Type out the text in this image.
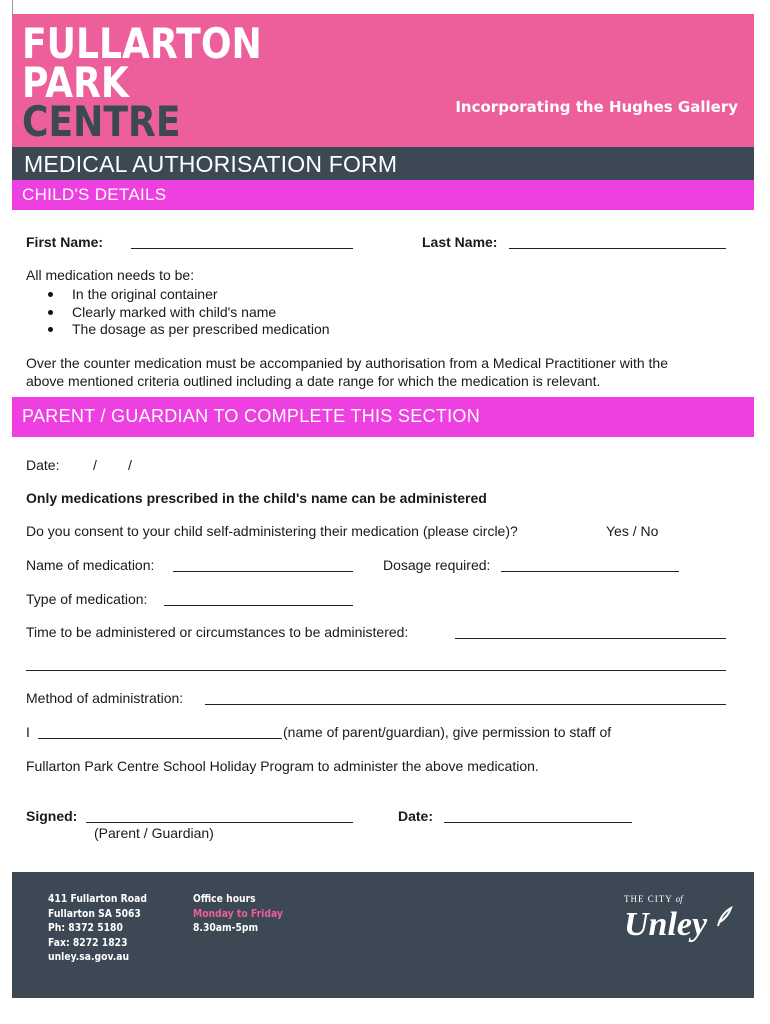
FULLARTON
PARK
CENTRE	Incorporating the Hughes Gallery
MEDICAL AUTHORISATION FORM
CHILD'S DETAILS
First Name:	Last Name:
All medication needs to be:
In the original container
Clearly marked with child's name
The dosage as per prescribed medication
Over the counter medication must be accompanied by authorisation from a Medical Practitioner with the
above mentioned criteria outlined including a date range for which the medication is relevant.
PARENT / GUARDIAN TO COMPLETE THIS SECTION
Date: / /
Only medications prescribed in the child's name can be administered
Do you consent to your child self-administering their medication (please circle)?	Yes / No
Name of medication:	Dosage required:
Type of medication:
Time to be administered or circumstances to be administered:
Method of administration:
I	(name of parent/guardian), give permission to staff of
Fullarton Park Centre School Holiday Program to administer the above medication.
Signed:
(Parent / Guardian)
Date:
411 Fullarton Road
Fullarton SA 5063
Ph: 8372 5180
Fax: 8272 1823
unley.sa.gov.au
Office hours
Monday to Friday
8.30am-5pm
THE CITY of
Unley
